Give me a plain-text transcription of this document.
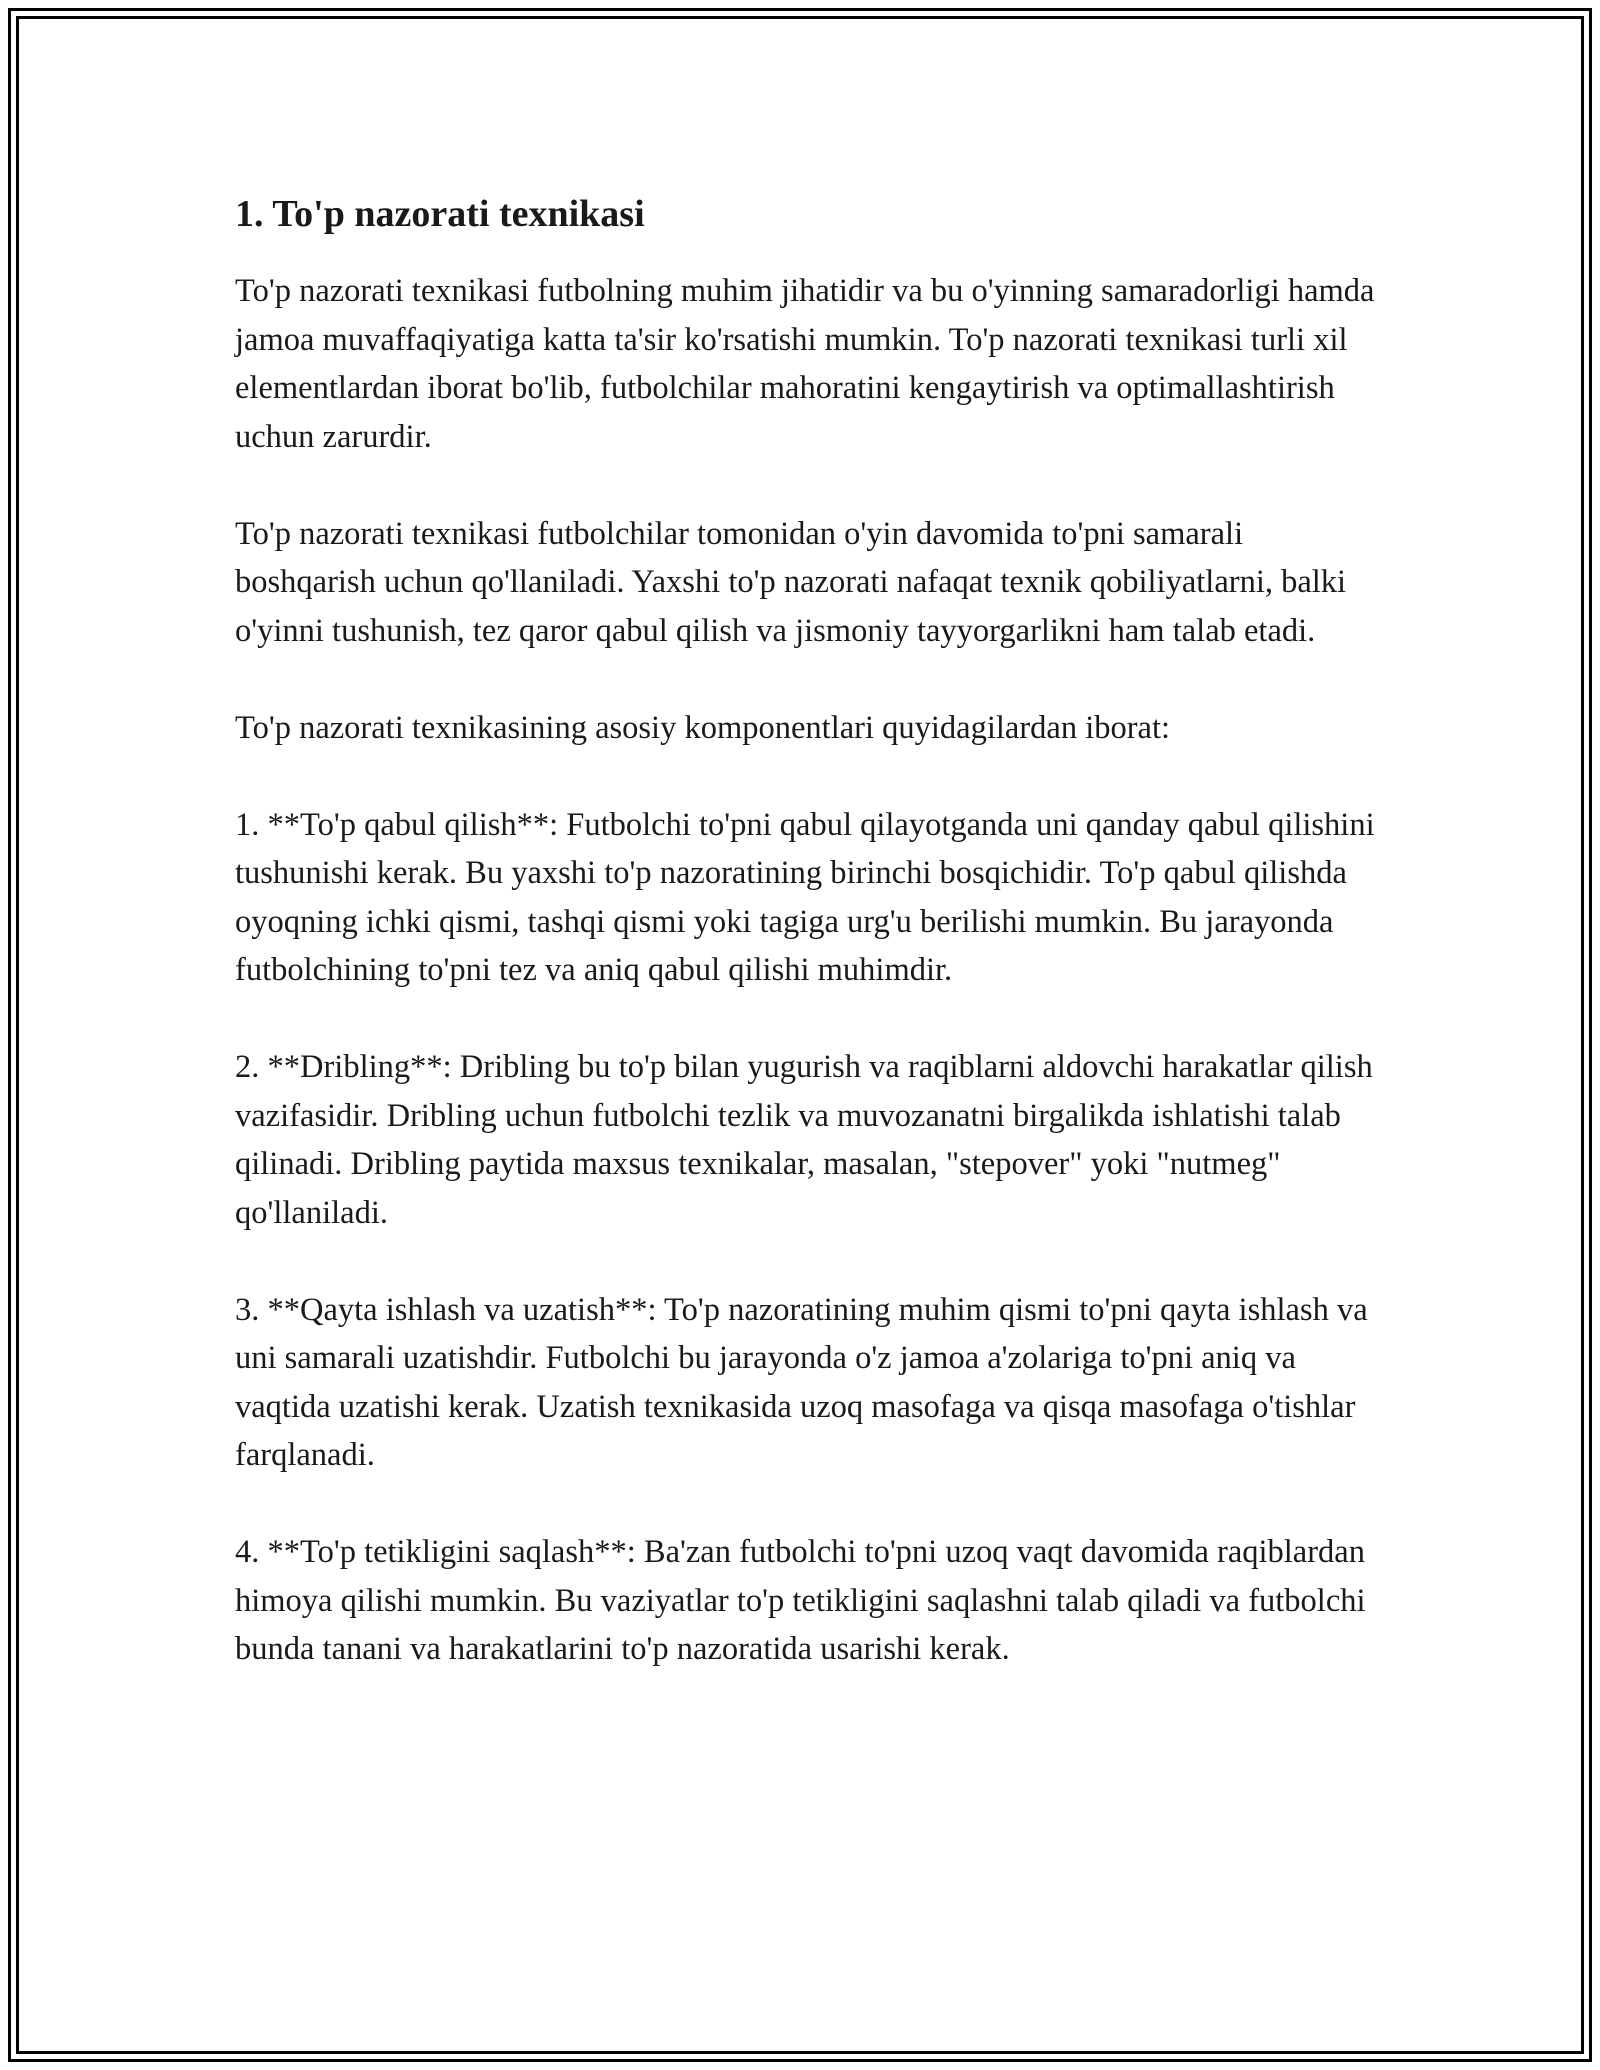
1. To'p nazorati texnikasi

To'p nazorati texnikasi futbolning muhim jihatidir va bu o'yinning samaradorligi hamda jamoa muvaffaqiyatiga katta ta'sir ko'rsatishi mumkin. To'p nazorati texnikasi turli xil elementlardan iborat bo'lib, futbolchilar mahoratini kengaytirish va optimallashtirish uchun zarurdir.

To'p nazorati texnikasi futbolchilar tomonidan o'yin davomida to'pni samarali boshqarish uchun qo'llaniladi. Yaxshi to'p nazorati nafaqat texnik qobiliyatlarni, balki o'yinni tushunish, tez qaror qabul qilish va jismoniy tayyorgarlikni ham talab etadi.

To'p nazorati texnikasining asosiy komponentlari quyidagilardan iborat:

1. **To'p qabul qilish**: Futbolchi to'pni qabul qilayotganda uni qanday qabul qilishini tushunishi kerak. Bu yaxshi to'p nazoratining birinchi bosqichidir. To'p qabul qilishda oyoqning ichki qismi, tashqi qismi yoki tagiga urg'u berilishi mumkin. Bu jarayonda futbolchining to'pni tez va aniq qabul qilishi muhimdir.

2. **Dribling**: Dribling bu to'p bilan yugurish va raqiblarni aldovchi harakatlar qilish vazifasidir. Dribling uchun futbolchi tezlik va muvozanatni birgalikda ishlatishi talab qilinadi. Dribling paytida maxsus texnikalar, masalan, "stepover" yoki "nutmeg" qo'llaniladi.

3. **Qayta ishlash va uzatish**: To'p nazoratining muhim qismi to'pni qayta ishlash va uni samarali uzatishdir. Futbolchi bu jarayonda o'z jamoa a'zolariga to'pni aniq va vaqtida uzatishi kerak. Uzatish texnikasida uzoq masofaga va qisqa masofaga o'tishlar farqlanadi.

4. **To'p tetikligini saqlash**: Ba'zan futbolchi to'pni uzoq vaqt davomida raqiblardan himoya qilishi mumkin. Bu vaziyatlar to'p tetikligini saqlashni talab qiladi va futbolchi bunda tanani va harakatlarini to'p nazoratida usarishi kerak.
